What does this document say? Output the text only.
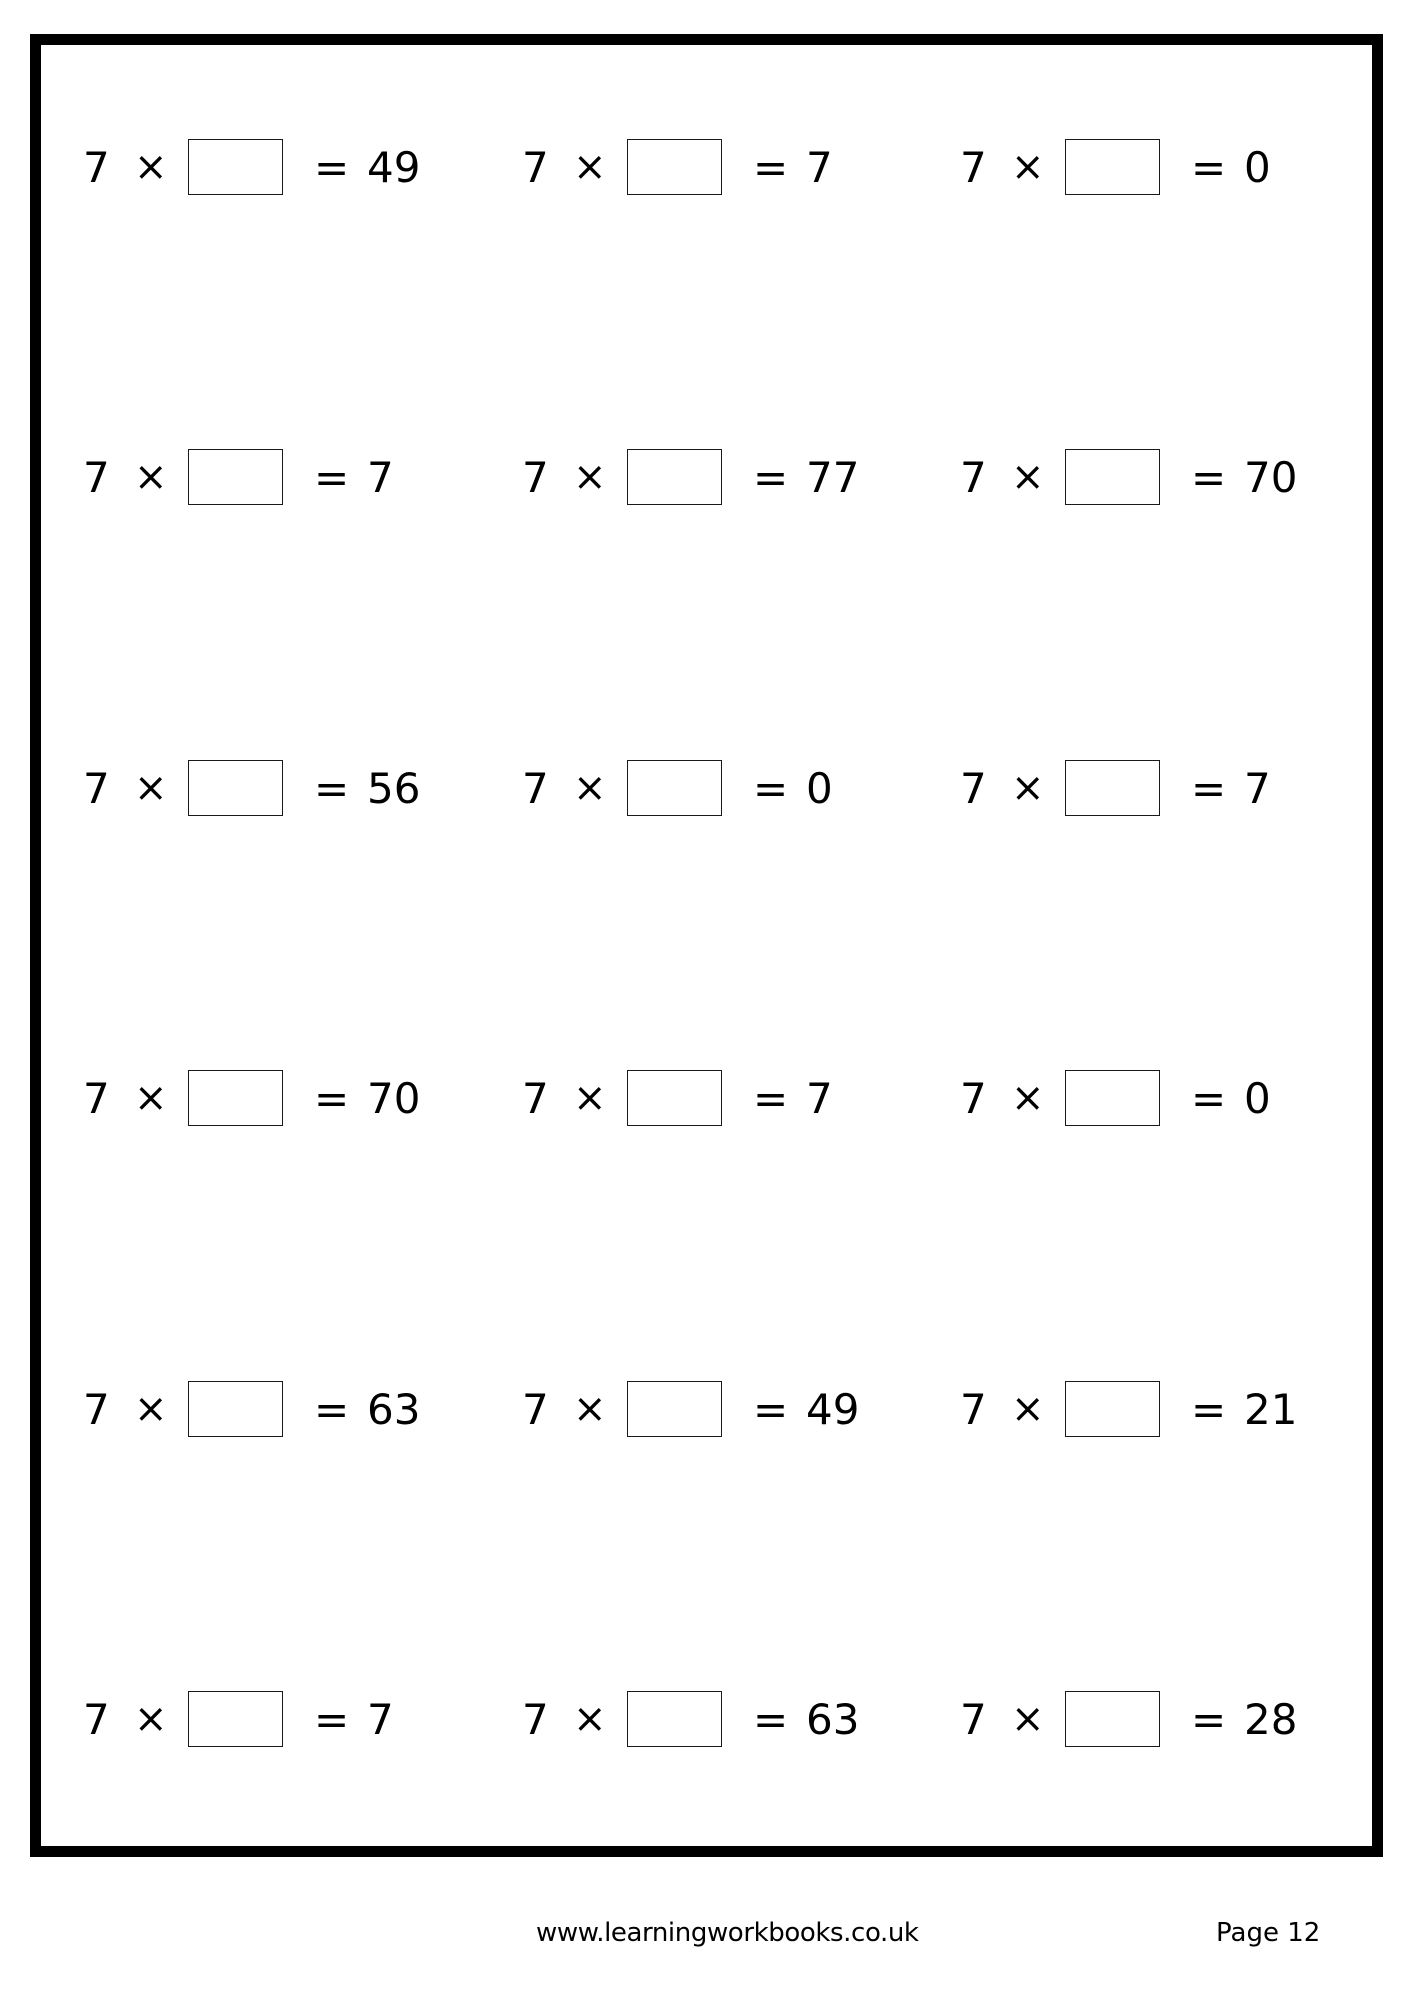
7 ×	= 49 7 ×	= 7	7 ×	= 0
7 ×	= 7	7 ×	= 77 7 ×	= 70
7 ×	= 56 7 ×	= 0	7 ×	= 7
7 ×	= 70 7 ×	= 7	7 ×	= 0
7 ×	= 63 7 ×	= 49 7 ×	= 21
7 ×	= 7	7 ×	= 63 7 ×	= 28
www.learningworkbooks.co.uk	Page 12
